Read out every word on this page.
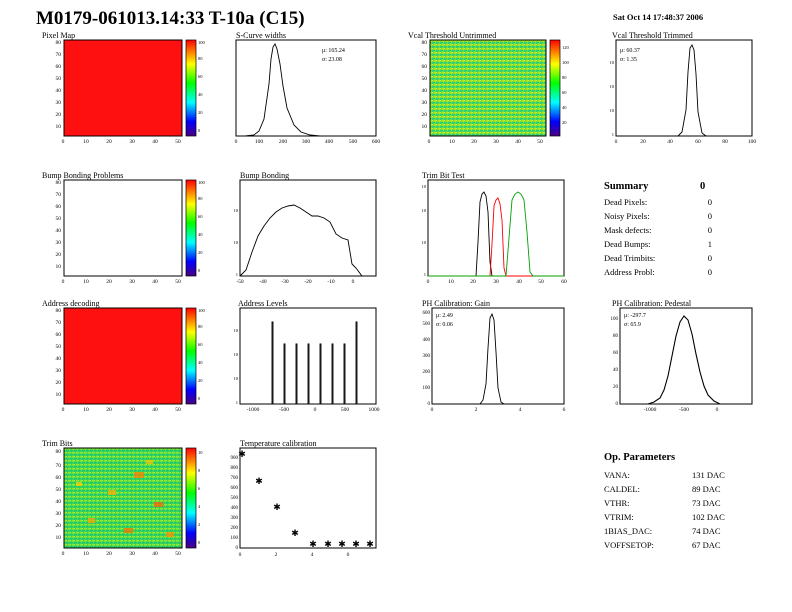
M0179-061013.14:33 T-10a (C15)	Sat Oct 14 17:48:37 2006
Pixel Map
0	10	20	30	40	50
10
20
30
40
50
60
70
80
0
20
40
60
80
100
S-Curve widths
0	100	200	300	400	500	600
μ: 165.24
σ: 23.08
Vcal Threshold Untrimmed
0	10	20	30	40	50
10
20
30
40
50
60
70
80
20
40
60
80
100
120
Vcal Threshold Trimmed
0	20	40	60	80	100
1
10
10
10
μ: 60.37
σ: 1.35
Bump Bonding Problems
0	10	20	30	40	50
10
20
30
40
50
60
70
80
0
20
40
60
80
100
Bump Bonding
-50	-40	-30	-20	-10	0
1
10
10
Trim Bit Test
0	10	20	30	40	50	60
1
10
10
10	Summary	0
Dead Pixels:	0
Noisy Pixels:	0
Mask defects:	0
Dead Bumps:	1
Dead Trimbits:	0
Address Probl:	0
Address decoding
0	10	20	30	40	50
10
20
30
40
50
60
70
80
0
20
40
60
80
100
Address Levels
-1000	-500	0	500	1000
1
10
10
10
PH Calibration: Gain
0	2	4	6
0
100
200
300
400
500
600 μ: 2.49
σ: 0.06
PH Calibration: Pedestal
-1000	-500	0
0
20
40
60
80
100
μ: -297.7
σ: 65.9
Trim Bits
0	10	20	30	40	50
10
20
30
40
50
60
70
80
0
2
4
6
8
10
Temperature calibration
✱
✱
✱
✱
✱ ✱ ✱ ✱ ✱
0	2	4	6
0
100
200
300
400
500
600
700
800
900	Op. Parameters
VANA:	131 DAC
CALDEL:	89 DAC
VTHR:	73 DAC
VTRIM:	102 DAC
1BIAS_DAC:	74 DAC
VOFFSETOP:	67 DAC
